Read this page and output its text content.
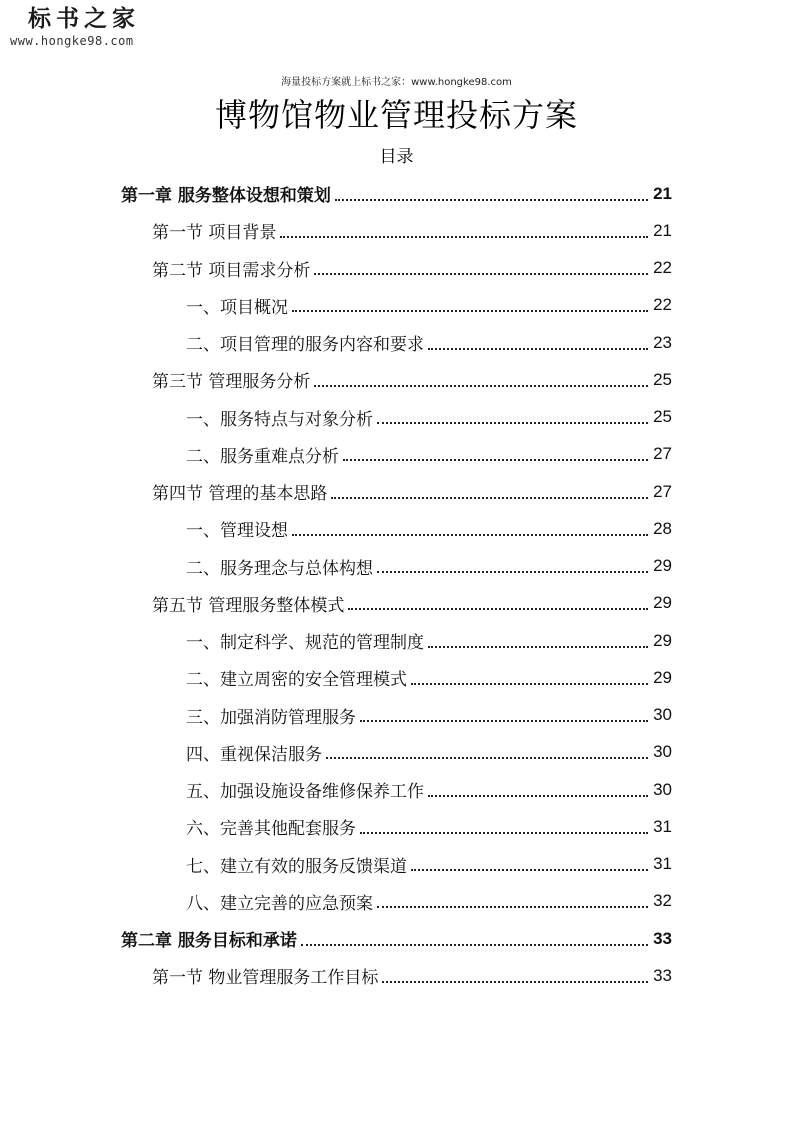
标书之家
www.hongke98.com
海量投标方案就上标书之家：www.hongke98.com
博物馆物业管理投标方案
目录
第一章 服务整体设想和策划	21
第一节 项目背景	21
第二节 项目需求分析	22
一、项目概况	22
二、项目管理的服务内容和要求	23
第三节 管理服务分析	25
一、服务特点与对象分析	25
二、服务重难点分析	27
第四节 管理的基本思路	27
一、管理设想	28
二、服务理念与总体构想	29
第五节 管理服务整体模式	29
一、制定科学、规范的管理制度	29
二、建立周密的安全管理模式	29
三、加强消防管理服务	30
四、重视保洁服务	30
五、加强设施设备维修保养工作	30
六、完善其他配套服务	31
七、建立有效的服务反馈渠道	31
八、建立完善的应急预案	32
第二章 服务目标和承诺	33
第一节 物业管理服务工作目标	33
